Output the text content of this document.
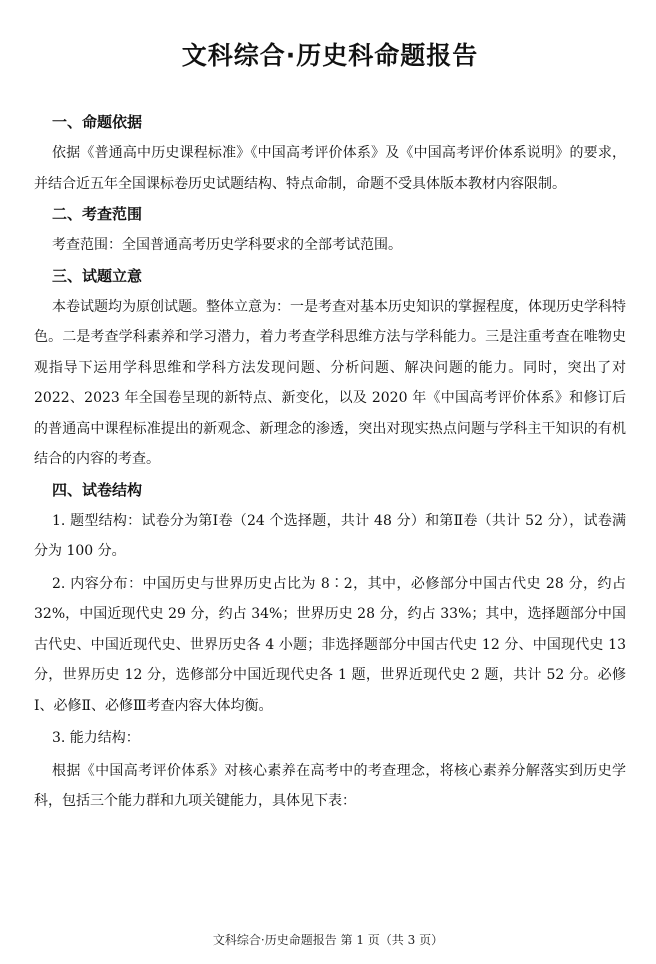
文科综合·历史科命题报告
一、命题依据

依据《普通高中历史课程标准》《中国高考评价体系》及《中国高考评价体系说明》的要求，并结合近五年全国课标卷历史试题结构、特点命制，命题不受具体版本教材内容限制。

二、考查范围

考查范围：全国普通高考历史学科要求的全部考试范围。

三、试题立意

本卷试题均为原创试题。整体立意为：一是考查对基本历史知识的掌握程度，体现历史学科特色。二是考查学科素养和学习潜力，着力考查学科思维方法与学科能力。三是注重考查在唯物史观指导下运用学科思维和学科方法发现问题、分析问题、解决问题的能力。同时，突出了对 2022、2023 年全国卷呈现的新特点、新变化，以及 2020 年《中国高考评价体系》和修订后的普通高中课程标准提出的新观念、新理念的渗透，突出对现实热点问题与学科主干知识的有机结合的内容的考查。

四、试卷结构

1. 题型结构：试卷分为第Ⅰ卷（24 个选择题，共计 48 分）和第Ⅱ卷（共计 52 分），试卷满分为 100 分。

2. 内容分布：中国历史与世界历史占比为 8∶2，其中，必修部分中国古代史 28 分，约占 32%，中国近现代史 29 分，约占 34%；世界历史 28 分，约占 33%；其中，选择题部分中国古代史、中国近现代史、世界历史各 4 小题；非选择题部分中国古代史 12 分、中国现代史 13 分，世界历史 12 分，选修部分中国近现代史各 1 题，世界近现代史 2 题，共计 52 分。必修Ⅰ、必修Ⅱ、必修Ⅲ考查内容大体均衡。

3. 能力结构：

根据《中国高考评价体系》对核心素养在高考中的考查理念，将核心素养分解落实到历史学科，包括三个能力群和九项关键能力，具体见下表：

文科综合·历史命题报告 第 1 页（共 3 页）
